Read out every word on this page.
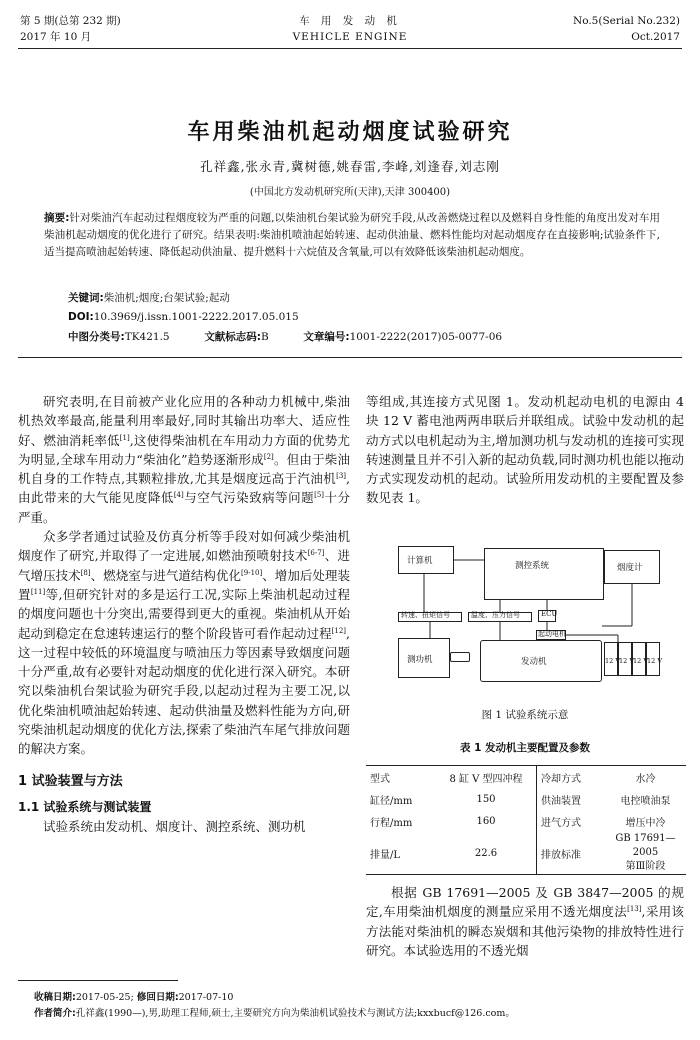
第 5 期(总第 232 期)
2017 年 10 月
车 用 发 动 机
VEHICLE ENGINE
No.5(Serial No.232)
Oct.2017
车用柴油机起动烟度试验研究
孔祥鑫,张永青,冀树德,姚春雷,李峰,刘逢春,刘志刚
(中国北方发动机研究所(天津),天津 300400)
摘要:针对柴油汽车起动过程烟度较为严重的问题,以柴油机台架试验为研究手段,从改善燃烧过程以及燃料自身性能的角度出发对车用柴油机起动烟度的优化进行了研究。结果表明:柴油机喷油起始转速、起动供油量、燃料性能均对起动烟度存在直接影响;试验条件下,适当提高喷油起始转速、降低起动供油量、提升燃料十六烷值及含氧量,可以有效降低该柴油机起动烟度。
关键词:柴油机;烟度;台架试验;起动
DOI:10.3969/j.issn.1001-2222.2017.05.015
中图分类号:TK421.5	文献标志码:B	文章编号:1001-2222(2017)05-0077-06

研究表明,在目前被产业化应用的各种动力机械中,柴油机热效率最高,能量利用率最好,同时其输出功率大、适应性好、燃油消耗率低[1],这使得柴油机在车用动力方面的优势尤为明显,全球车用动力“柴油化”趋势逐渐形成[2]。但由于柴油机自身的工作特点,其颗粒排放,尤其是烟度远高于汽油机[3],由此带来的大气能见度降低[4]与空气污染致病等问题[5]十分严重。

众多学者通过试验及仿真分析等手段对如何减少柴油机烟度作了研究,并取得了一定进展,如燃油预喷射技术[6-7]、进气增压技术[8]、燃烧室与进气道结构优化[9-10]、增加后处理装置[11]等,但研究针对的多是运行工况,实际上柴油机起动过程的烟度问题也十分突出,需要得到更大的重视。柴油机从开始起动到稳定在怠速转速运行的整个阶段皆可看作起动过程[12],这一过程中较低的环境温度与喷油压力等因素导致烟度问题十分严重,故有必要针对起动烟度的优化进行深入研究。本研究以柴油机台架试验为研究手段,以起动过程为主要工况,以优化柴油机喷油起始转速、起动供油量及燃料性能为方向,研究柴油机起动烟度的优化方法,探索了柴油汽车尾气排放问题的解决方案。

1 试验装置与方法
1.1 试验系统与测试装置

试验系统由发动机、烟度计、测控系统、测功机

等组成,其连接方式见图 1。发动机起动电机的电源由 4 块 12 V 蓄电池两两串联后并联组成。试验中发动机的起动方式以电机起动为主,增加测功机与发动机的连接可实现转速测量且并不引入新的起动负载,同时测功机也能以拖动方式实现发动机的起动。试验所用发动机的主要配置及参数见表 1。

计算机	测控系统	烟度计
转速、扭矩信号	温度、压力信号	ECU
测功机	发动机
起动电机
12 V
12 V
12 V
12 V
图 1 试验系统示意
表 1 发动机主要配置及参数
型式	8 缸 V 型四冲程	冷却方式	水冷
缸径/mm	150	供油装置	电控喷油泵
行程/mm	160	进气方式	增压中冷
排量/L	22.6	排放标准	GB 17691—2005
第Ⅲ阶段

根据 GB 17691—2005 及 GB 3847—2005 的规定,车用柴油机烟度的测量应采用不透光烟度法[13],采用该方法能对柴油机的瞬态炭烟和其他污染物的排放特性进行研究。本试验选用的不透光烟

收稿日期:2017-05-25; 修回日期:2017-07-10
作者简介:孔祥鑫(1990—),男,助理工程师,硕士,主要研究方向为柴油机试验技术与测试方法;kxxbucf@126.com。
